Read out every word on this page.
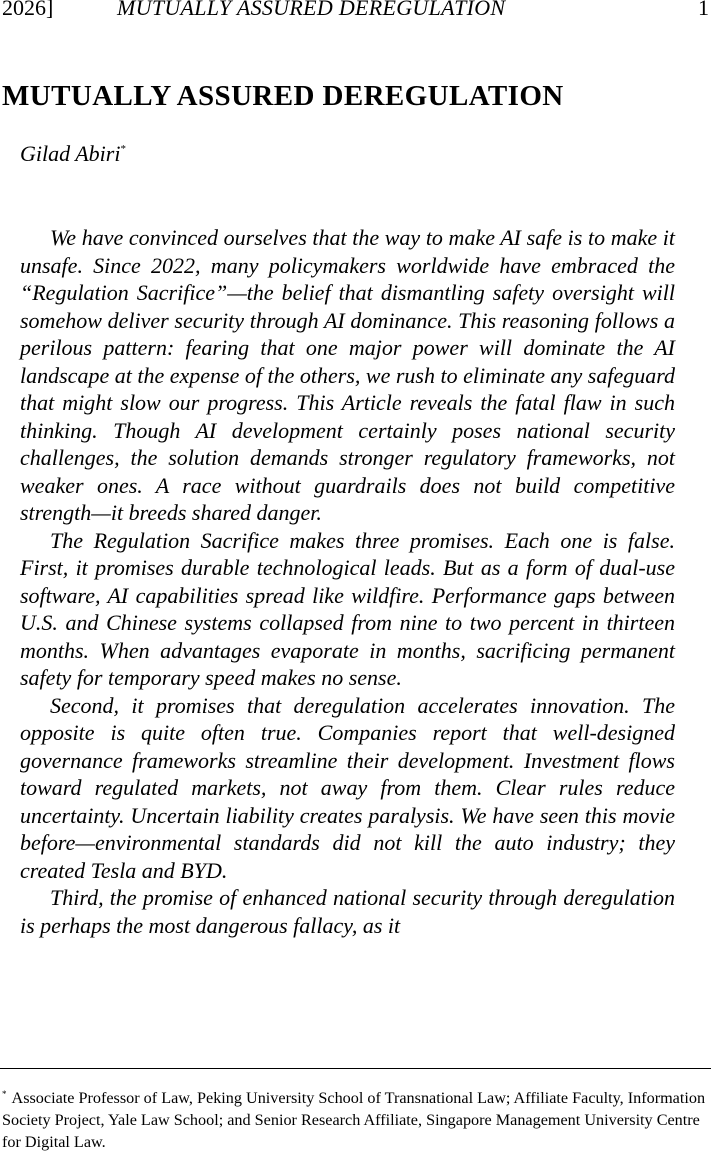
2026]	MUTUALLY ASSURED DEREGULATION	1
MUTUALLY ASSURED DEREGULATION
Gilad Abiri*

We have convinced ourselves that the way to make AI safe is to make it unsafe. Since 2022, many policymakers worldwide have embraced the “Regulation Sacrifice”—the belief that dismantling safety oversight will somehow deliver security through AI dominance. This reasoning follows a perilous pattern: fearing that one major power will dominate the AI landscape at the expense of the others, we rush to eliminate any safeguard that might slow our progress. This Article reveals the fatal flaw in such thinking. Though AI development certainly poses national security challenges, the solution demands stronger regulatory frameworks, not weaker ones. A race without guardrails does not build competitive strength—it breeds shared danger.

The Regulation Sacrifice makes three promises. Each one is false. First, it promises durable technological leads. But as a form of dual-use software, AI capabilities spread like wildfire. Performance gaps between U.S. and Chinese systems collapsed from nine to two percent in thirteen months. When advantages evaporate in months, sacrificing permanent safety for temporary speed makes no sense.

Second, it promises that deregulation accelerates innovation. The opposite is quite often true. Companies report that well-designed governance frameworks streamline their development. Investment flows toward regulated markets, not away from them. Clear rules reduce uncertainty. Uncertain liability creates paralysis. We have seen this movie before—environmental standards did not kill the auto industry; they created Tesla and BYD.

Third, the promise of enhanced national security through deregulation is perhaps the most dangerous fallacy, as it

* Associate Professor of Law, Peking University School of Transnational Law; Affiliate Faculty, Information Society Project, Yale Law School; and Senior Research Affiliate, Singapore Management University Centre for Digital Law.
